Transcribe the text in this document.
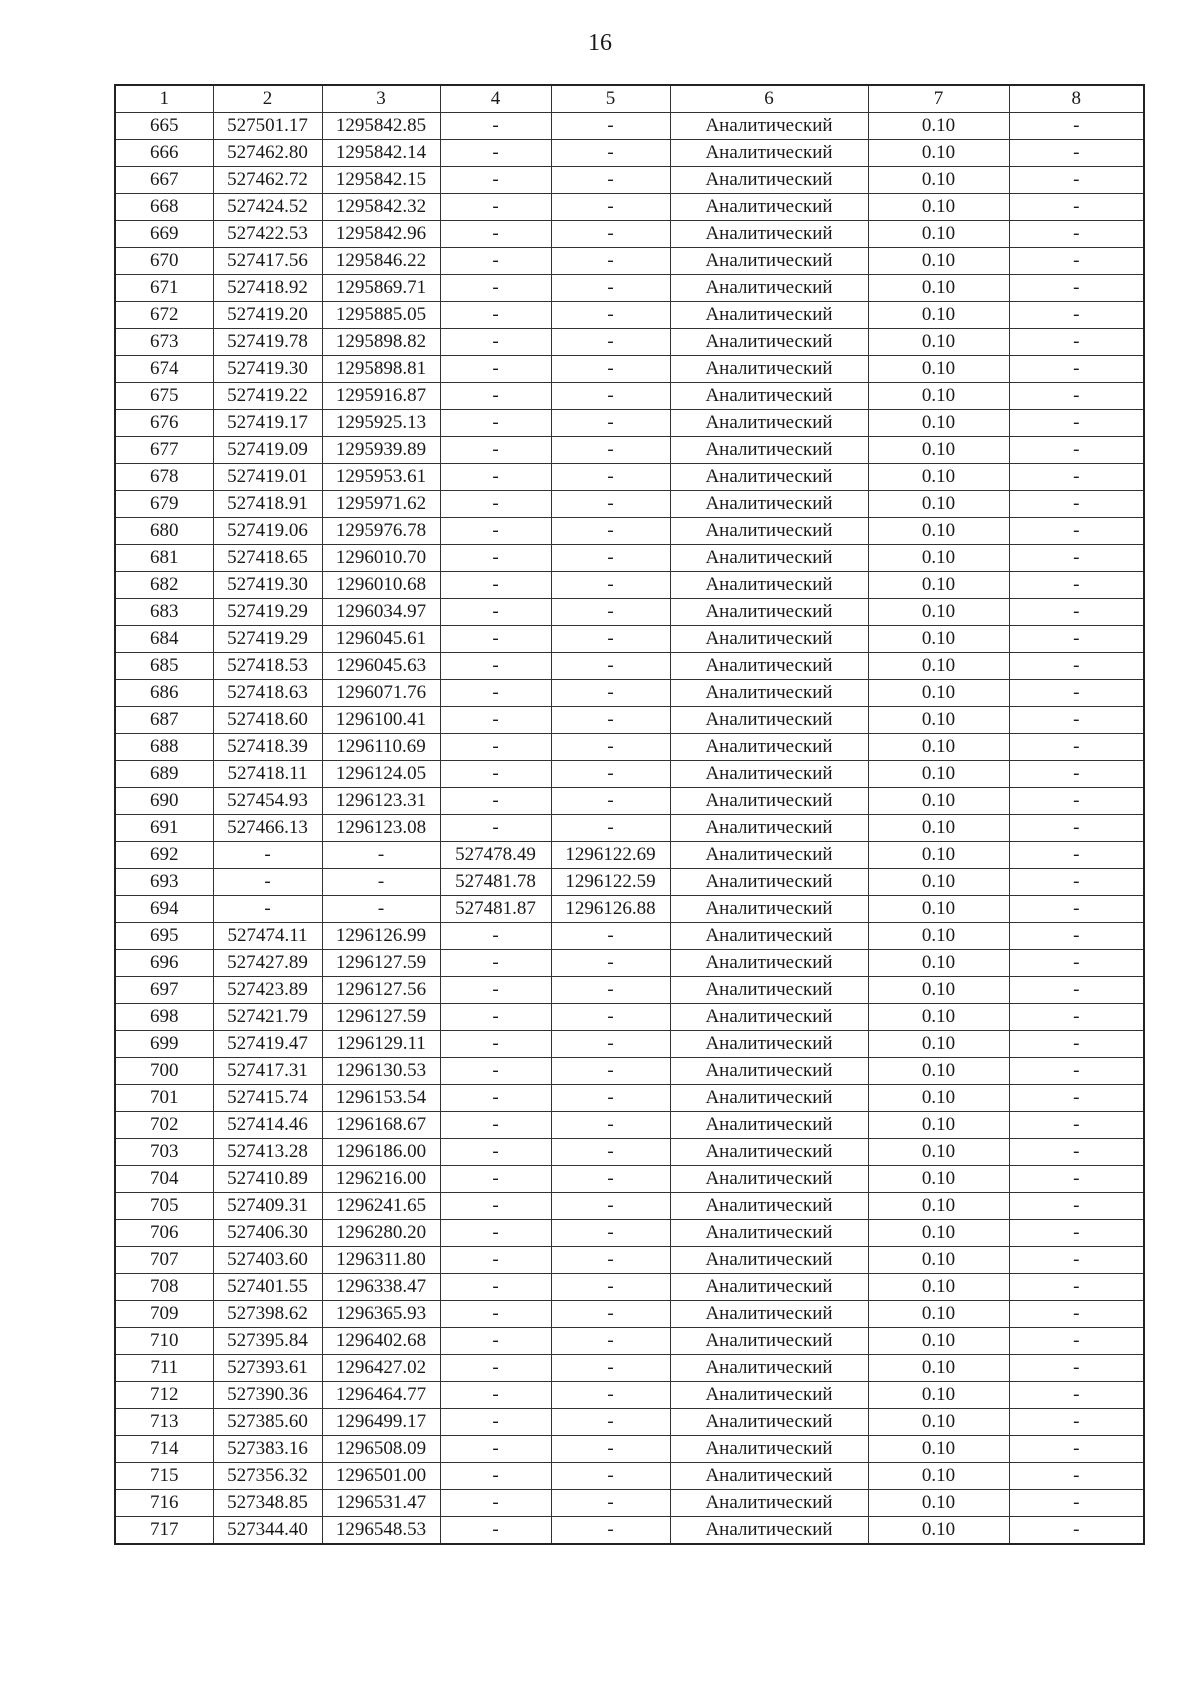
16
1	2	3	4	5	6	7	8
665	527501.17	1295842.85	-	-	Аналитический	0.10	-
666	527462.80	1295842.14	-	-	Аналитический	0.10	-
667	527462.72	1295842.15	-	-	Аналитический	0.10	-
668	527424.52	1295842.32	-	-	Аналитический	0.10	-
669	527422.53	1295842.96	-	-	Аналитический	0.10	-
670	527417.56	1295846.22	-	-	Аналитический	0.10	-
671	527418.92	1295869.71	-	-	Аналитический	0.10	-
672	527419.20	1295885.05	-	-	Аналитический	0.10	-
673	527419.78	1295898.82	-	-	Аналитический	0.10	-
674	527419.30	1295898.81	-	-	Аналитический	0.10	-
675	527419.22	1295916.87	-	-	Аналитический	0.10	-
676	527419.17	1295925.13	-	-	Аналитический	0.10	-
677	527419.09	1295939.89	-	-	Аналитический	0.10	-
678	527419.01	1295953.61	-	-	Аналитический	0.10	-
679	527418.91	1295971.62	-	-	Аналитический	0.10	-
680	527419.06	1295976.78	-	-	Аналитический	0.10	-
681	527418.65	1296010.70	-	-	Аналитический	0.10	-
682	527419.30	1296010.68	-	-	Аналитический	0.10	-
683	527419.29	1296034.97	-	-	Аналитический	0.10	-
684	527419.29	1296045.61	-	-	Аналитический	0.10	-
685	527418.53	1296045.63	-	-	Аналитический	0.10	-
686	527418.63	1296071.76	-	-	Аналитический	0.10	-
687	527418.60	1296100.41	-	-	Аналитический	0.10	-
688	527418.39	1296110.69	-	-	Аналитический	0.10	-
689	527418.11	1296124.05	-	-	Аналитический	0.10	-
690	527454.93	1296123.31	-	-	Аналитический	0.10	-
691	527466.13	1296123.08	-	-	Аналитический	0.10	-
692	-	-	527478.49	1296122.69	Аналитический	0.10	-
693	-	-	527481.78	1296122.59	Аналитический	0.10	-
694	-	-	527481.87	1296126.88	Аналитический	0.10	-
695	527474.11	1296126.99	-	-	Аналитический	0.10	-
696	527427.89	1296127.59	-	-	Аналитический	0.10	-
697	527423.89	1296127.56	-	-	Аналитический	0.10	-
698	527421.79	1296127.59	-	-	Аналитический	0.10	-
699	527419.47	1296129.11	-	-	Аналитический	0.10	-
700	527417.31	1296130.53	-	-	Аналитический	0.10	-
701	527415.74	1296153.54	-	-	Аналитический	0.10	-
702	527414.46	1296168.67	-	-	Аналитический	0.10	-
703	527413.28	1296186.00	-	-	Аналитический	0.10	-
704	527410.89	1296216.00	-	-	Аналитический	0.10	-
705	527409.31	1296241.65	-	-	Аналитический	0.10	-
706	527406.30	1296280.20	-	-	Аналитический	0.10	-
707	527403.60	1296311.80	-	-	Аналитический	0.10	-
708	527401.55	1296338.47	-	-	Аналитический	0.10	-
709	527398.62	1296365.93	-	-	Аналитический	0.10	-
710	527395.84	1296402.68	-	-	Аналитический	0.10	-
711	527393.61	1296427.02	-	-	Аналитический	0.10	-
712	527390.36	1296464.77	-	-	Аналитический	0.10	-
713	527385.60	1296499.17	-	-	Аналитический	0.10	-
714	527383.16	1296508.09	-	-	Аналитический	0.10	-
715	527356.32	1296501.00	-	-	Аналитический	0.10	-
716	527348.85	1296531.47	-	-	Аналитический	0.10	-
717	527344.40	1296548.53	-	-	Аналитический	0.10	-
